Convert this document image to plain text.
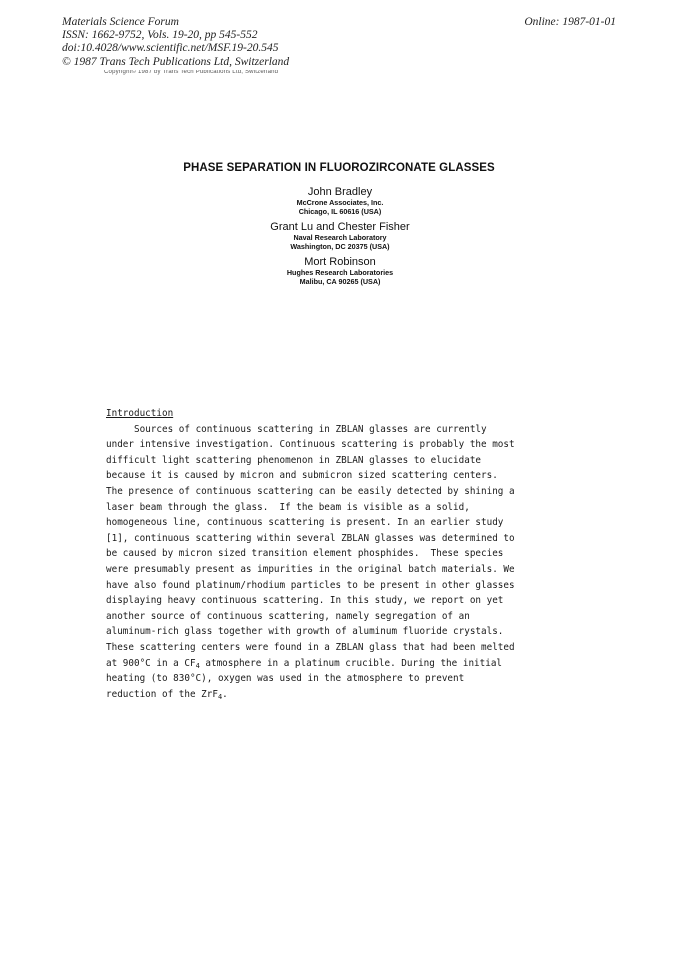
Materials Science Forum
ISSN: 1662-9752, Vols. 19-20, pp 545-552
doi:10.4028/www.scientific.net/MSF.19-20.545
© 1987 Trans Tech Publications Ltd, Switzerland
Online: 1987-01-01
Copyright© 1987 by Trans Tech Publications Ltd, Switzerland
PHASE SEPARATION IN FLUOROZIRCONATE GLASSES
John Bradley
McCrone Associates, Inc.
Chicago, IL 60616 (USA)
Grant Lu and Chester Fisher
Naval Research Laboratory
Washington, DC 20375 (USA)
Mort Robinson
Hughes Research Laboratories
Malibu, CA 90265 (USA)
Introduction
Sources of continuous scattering in ZBLAN glasses are currently
under intensive investigation. Continuous scattering is probably the most
difficult light scattering phenomenon in ZBLAN glasses to elucidate
because it is caused by micron and submicron sized scattering centers.
The presence of continuous scattering can be easily detected by shining a
laser beam through the glass.  If the beam is visible as a solid,
homogeneous line, continuous scattering is present. In an earlier study
[1], continuous scattering within several ZBLAN glasses was determined to
be caused by micron sized transition element phosphides.  These species
were presumably present as impurities in the original batch materials. We
have also found platinum/rhodium particles to be present in other glasses
displaying heavy continuous scattering. In this study, we report on yet
another source of continuous scattering, namely segregation of an
aluminum-rich glass together with growth of aluminum fluoride crystals.
These scattering centers were found in a ZBLAN glass that had been melted
at 900°C in a $CF_4$ atmosphere in a platinum crucible. During the initial
heating (to 830°C), oxygen was used in the atmosphere to prevent
reduction of the ZrF$_4$.
